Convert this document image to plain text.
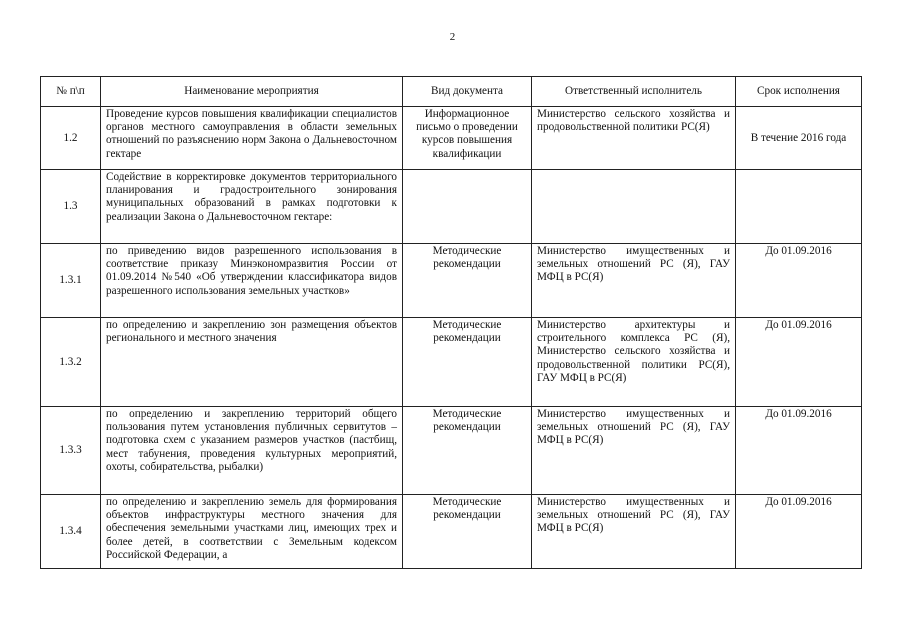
2
№ п\п	Наименование мероприятия	Вид документа	Ответственный исполнитель	Срок исполнения
1.2	Проведение курсов повышения квалификации специалистов органов местного самоуправления в области земельных отношений по разъяснению норм Закона о Дальневосточном гектаре	Информационное письмо о проведении курсов повышения квалификации	Министерство сельского хозяйства и продовольственной политики РС(Я)	В течение 2016 года
1.3	Содействие в корректировке документов территориального планирования и градостроительного зонирования муниципальных образований в рамках подготовки к реализации Закона о Дальневосточном гектаре:			
1.3.1	по приведению видов разрешенного использования в соответствие приказу Минэкономразвития России от 01.09.2014 №540 «Об утверждении классификатора видов разрешенного использования земельных участков»	Методические рекомендации	Министерство имущественных и земельных отношений РС (Я), ГАУ МФЦ в РС(Я)	До 01.09.2016
1.3.2	по определению и закреплению зон размещения объектов регионального и местного значения	Методические рекомендации	Министерство архитектуры и строительного комплекса РС (Я), Министерство сельского хозяйства и продовольственной политики РС(Я), ГАУ МФЦ в РС(Я)	До 01.09.2016
1.3.3	по определению и закреплению территорий общего пользования путем установления публичных сервитутов – подготовка схем с указанием размеров участков (пастбищ, мест табунения, проведения культурных мероприятий, охоты, собирательства, рыбалки)	Методические рекомендации	Министерство имущественных и земельных отношений РС (Я), ГАУ МФЦ в РС(Я)	До 01.09.2016
1.3.4	по определению и закреплению земель для формирования объектов инфраструктуры местного значения для обеспечения земельными участками лиц, имеющих трех и более детей, в соответствии с Земельным кодексом Российской Федерации, а	Методические рекомендации	Министерство имущественных и земельных отношений РС (Я), ГАУ МФЦ в РС(Я)	До 01.09.2016
